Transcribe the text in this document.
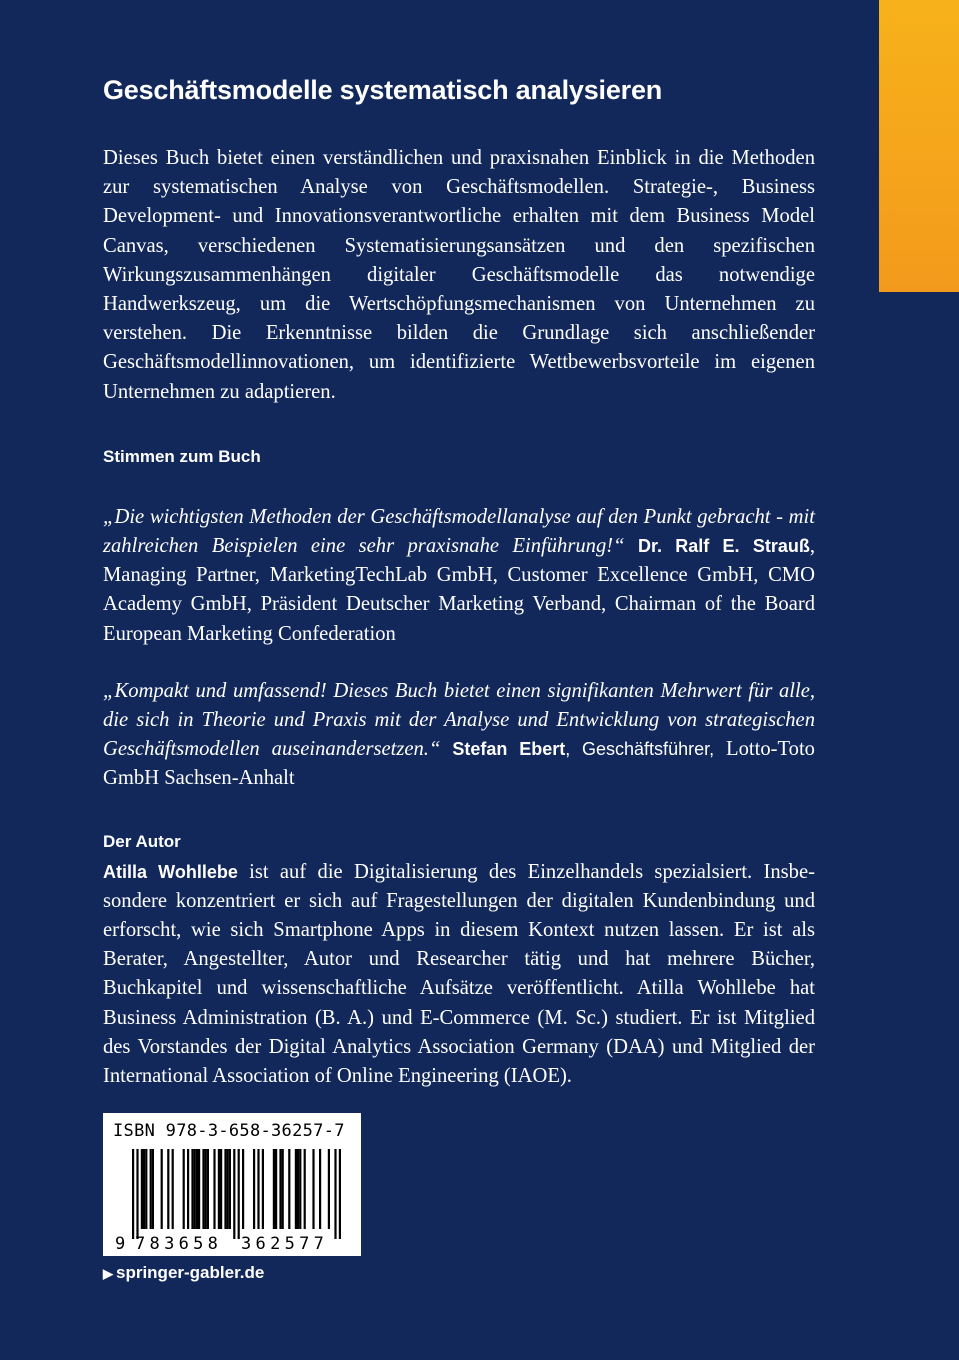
Geschäftsmodelle systematisch analysieren

Dieses Buch bietet einen verständlichen und praxisnahen Einblick in die Methoden zur systematischen Analyse von Geschäftsmodellen. Strategie-, Business Development- und Innovationsverantwortliche erhalten mit dem Business Model Canvas, verschiedenen Systematisierungsansätzen und den spezifischen Wirkungszusammenhängen digitaler Geschäftsmodelle das notwendige Handwerkszeug, um die Wertschöpfungsmechanismen von Unternehmen zu verstehen. Die Erkenntnisse bilden die Grundlage sich anschließender Geschäftsmodellinnovationen, um identifizierte Wettbewerbsvorteile im eigenen Unternehmen zu adaptieren.

Stimmen zum Buch

„Die wichtigsten Methoden der Geschäftsmodellanalyse auf den Punkt gebracht - mit zahlreichen Beispielen eine sehr praxisnahe Einführung!“ Dr. Ralf E. Strauß, Managing Partner, MarketingTechLab GmbH, Customer Excellence GmbH, CMO Academy GmbH, Präsident Deutscher Marketing Verband, Chairman of the Board European Marketing Confederation

„Kompakt und umfassend! Dieses Buch bietet einen signifikanten Mehrwert für alle, die sich in Theorie und Praxis mit der Analyse und Entwicklung von strategischen Geschäftsmodellen auseinandersetzen.“ Stefan Ebert, Geschäftsführer, Lotto-Toto GmbH Sachsen-Anhalt

Der Autor

Atilla Wohllebe ist auf die Digitalisierung des Einzelhandels spezialsiert. Insbesondere konzentriert er sich auf Fragestellungen der digitalen Kundenbindung und erforscht, wie sich Smartphone Apps in diesem Kontext nutzen lassen. Er ist als Berater, Angestellter, Autor und Researcher tätig und hat mehrere Bücher, Buchkapitel und wissenschaftliche Aufsätze veröffentlicht. Atilla Wohllebe hat Business Administration (B. A.) und E-Commerce (M. Sc.) studiert. Er ist Mitglied des Vorstandes der Digital Analytics Association Germany (DAA) und Mitglied der International Association of Online Engineering (IAOE).

ISBN 978-3-658-36257-7
9 783658 362577
▶ springer-gabler.de
